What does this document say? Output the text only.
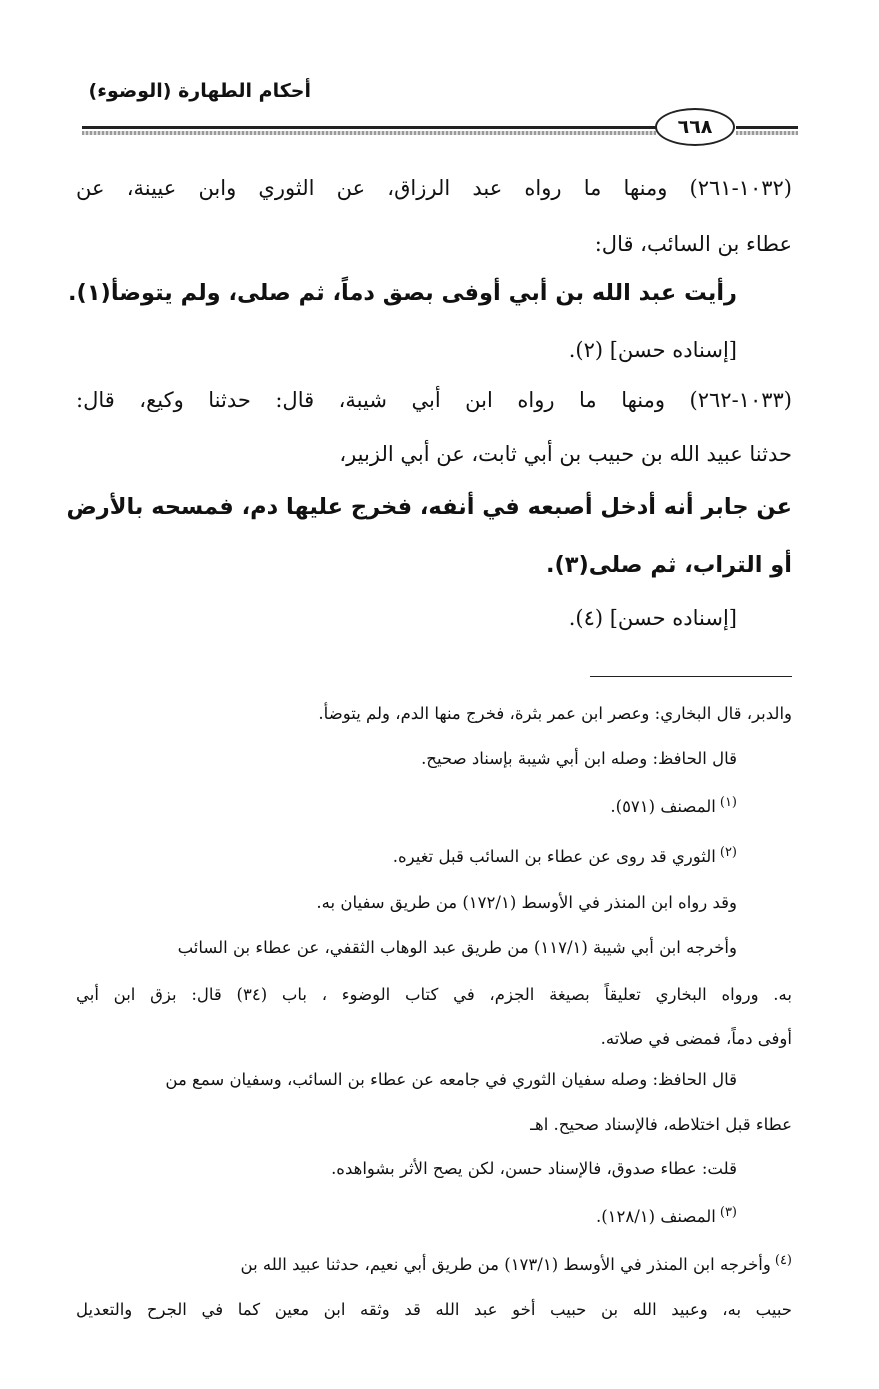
أحكام الطهارة (الوضوء)
٦٦٨
(١٠٣٢-٢٦١) ومنها ما رواه عبد الرزاق، عن الثوري وابن عيينة، عن
عطاء بن السائب، قال:
رأيت عبد الله بن أبي أوفى بصق دماً، ثم صلى، ولم يتوضأ(١).
[إسناده حسن] (٢).
(١٠٣٣-٢٦٢) ومنها ما رواه ابن أبي شيبة، قال: حدثنا وكيع، قال:
حدثنا عبيد الله بن حبيب بن أبي ثابت، عن أبي الزبير،
عن جابر أنه أدخل أصبعه في أنفه، فخرج عليها دم، فمسحه بالأرض
أو التراب، ثم صلى(٣).
[إسناده حسن] (٤).
والدبر، قال البخاري: وعصر ابن عمر بثرة، فخرج منها الدم، ولم يتوضأ.
قال الحافظ: وصله ابن أبي شيبة بإسناد صحيح.
$^{(١)}$المصنف (٥٧١).
$^{(٢)}$الثوري قد روى عن عطاء بن السائب قبل تغيره.
وقد رواه ابن المنذر في الأوسط (١٧٢/١) من طريق سفيان به.
وأخرجه ابن أبي شيبة (١١٧/١) من طريق عبد الوهاب الثقفي، عن عطاء بن السائب
به. ورواه البخاري تعليقاً بصيغة الجزم، في كتاب الوضوء ، باب (٣٤) قال: بزق ابن أبي
أوفى دماً، فمضى في صلاته.
قال الحافظ: وصله سفيان الثوري في جامعه عن عطاء بن السائب، وسفيان سمع من
عطاء قبل اختلاطه، فالإسناد صحيح. اهـ
قلت: عطاء صدوق، فالإسناد حسن، لكن يصح الأثر بشواهده.
$^{(٣)}$المصنف (١٢٨/١).
$^{(٤)}$وأخرجه ابن المنذر في الأوسط (١٧٣/١) من طريق أبي نعيم، حدثنا عبيد الله بن
حبيب به، وعبيد الله بن حبيب أخو عبد الله قد وثقه ابن معين كما في الجرح والتعديل
